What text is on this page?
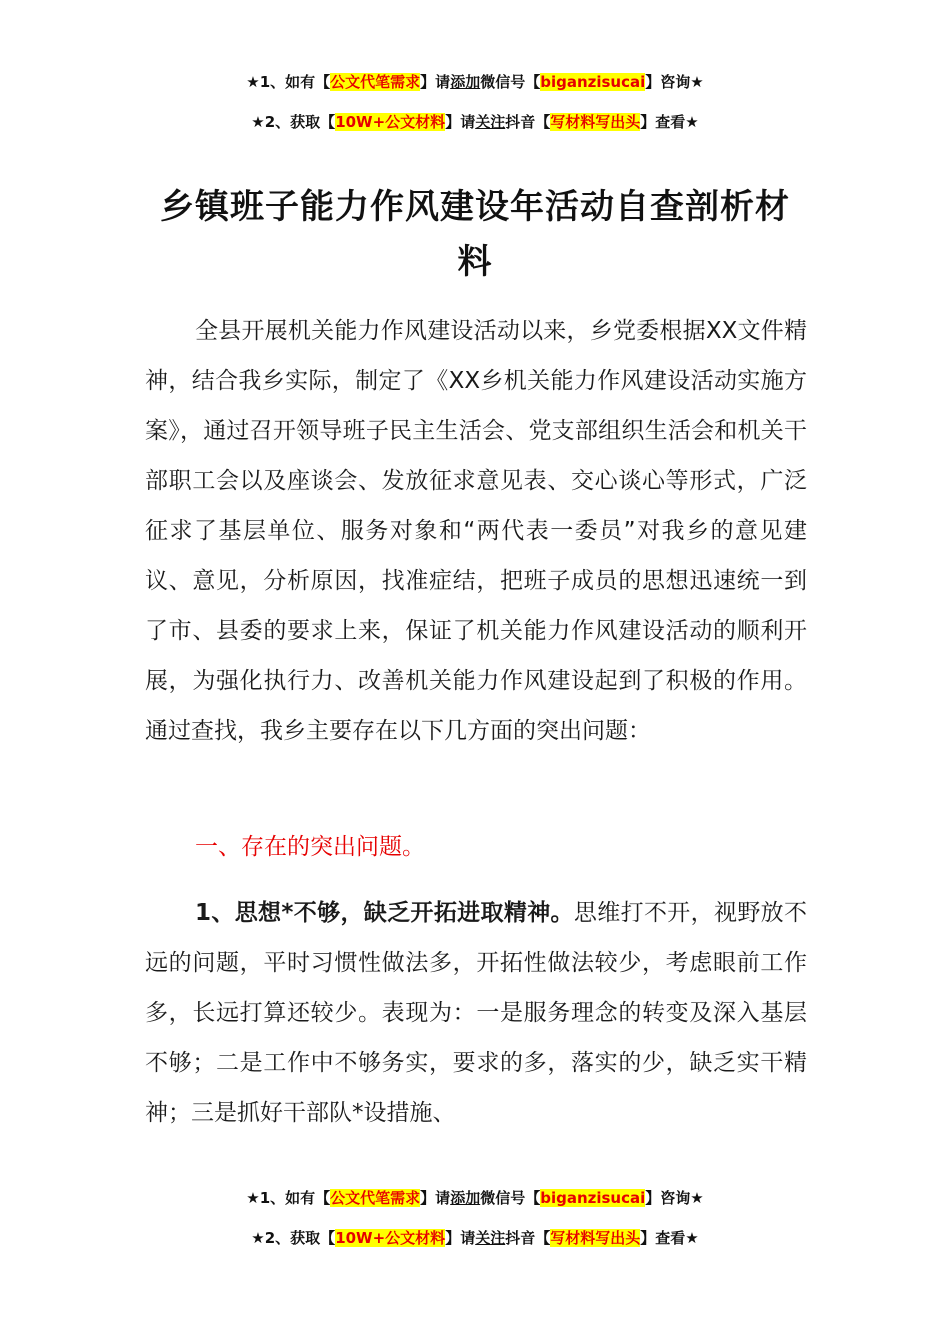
★1、如有【公文代笔需求】请添加微信号【biganzisucai】咨询★
★2、获取【10W+公文材料】请关注抖音【写材料写出头】查看★
乡镇班子能力作风建设年活动自查剖析材料

全县开展机关能力作风建设活动以来，乡党委根据XX文件精神，结合我乡实际，制定了《XX乡机关能力作风建设活动实施方案》，通过召开领导班子民主生活会、党支部组织生活会和机关干部职工会以及座谈会、发放征求意见表、交心谈心等形式，广泛征求了基层单位、服务对象和“两代表一委员”对我乡的意见建议、意见，分析原因，找准症结，把班子成员的思想迅速统一到了市、县委的要求上来，保证了机关能力作风建设活动的顺利开展，为强化执行力、改善机关能力作风建设起到了积极的作用。通过查找，我乡主要存在以下几方面的突出问题：

一、存在的突出问题。

1、思想*不够，缺乏开拓进取精神。思维打不开，视野放不远的问题，平时习惯性做法多，开拓性做法较少，考虑眼前工作多，长远打算还较少。表现为：一是服务理念的转变及深入基层不够；二是工作中不够务实，要求的多，落实的少，缺乏实干精神；三是抓好干部队*设措施、

★1、如有【公文代笔需求】请添加微信号【biganzisucai】咨询★
★2、获取【10W+公文材料】请关注抖音【写材料写出头】查看★
